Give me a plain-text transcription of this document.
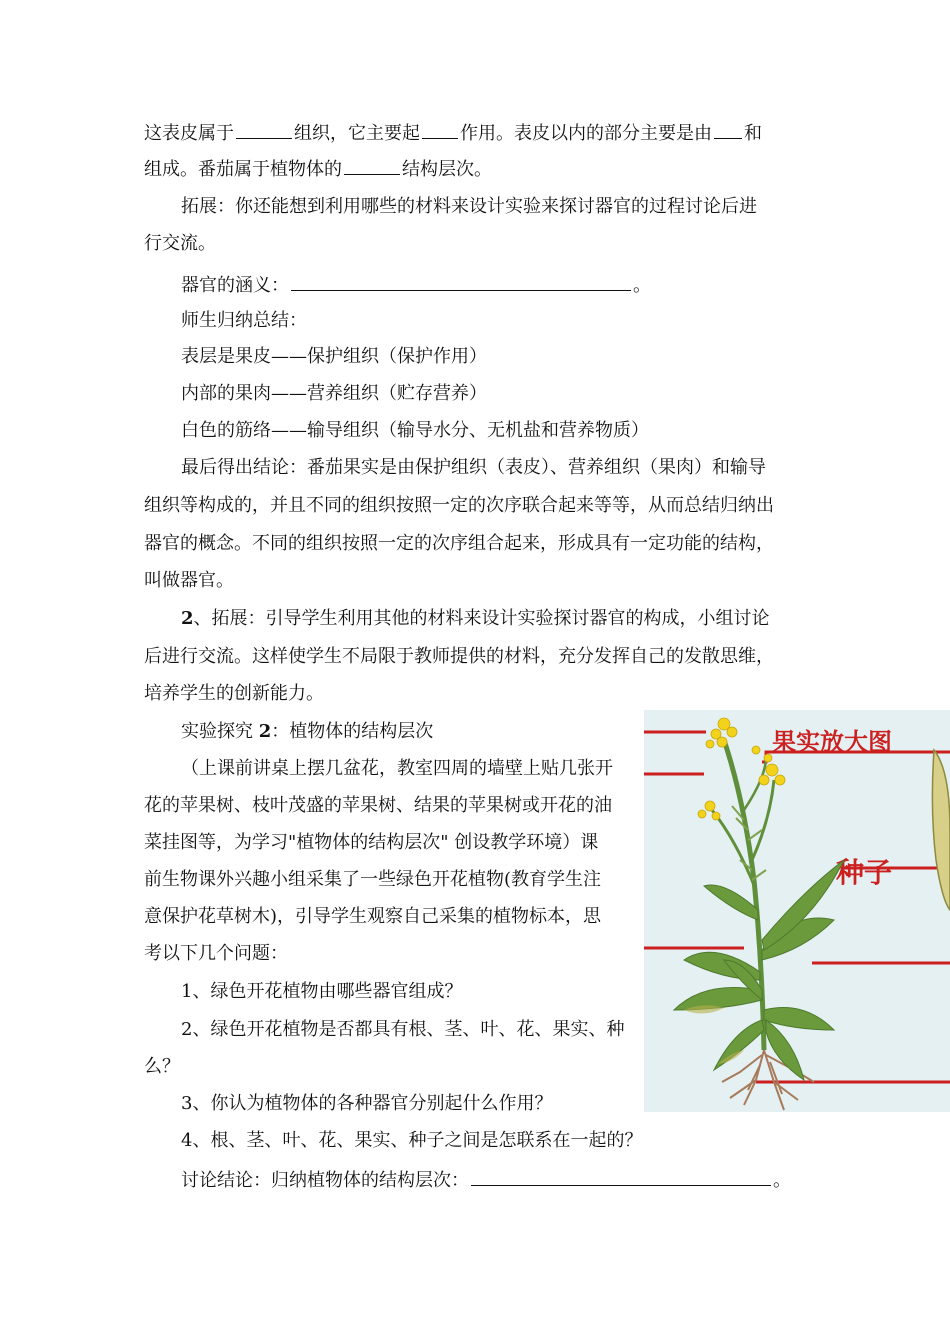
这表皮属于	组织，它主要起 作用。表皮以内的部分主要是由 和
组成。番茄属于植物体的	结构层次。
拓展：你还能想到利用哪些的材料来设计实验来探讨器官的过程讨论后进
行交流。
器官的涵义：	。
师生归纳总结：
表层是果皮——保护组织（保护作用）
内部的果肉——营养组织（贮存营养）
白色的筋络——输导组织（输导水分、无机盐和营养物质）
最后得出结论：番茄果实是由保护组织（表皮）、营养组织（果肉）和输导
组织等构成的，并且不同的组织按照一定的次序联合起来等等，从而总结归纳出
器官的概念。不同的组织按照一定的次序组合起来，形成具有一定功能的结构，
叫做器官。
2、拓展：引导学生利用其他的材料来设计实验探讨器官的构成，小组讨论
后进行交流。这样使学生不局限于教师提供的材料，充分发挥自己的发散思维，
培养学生的创新能力。
实验探究 2：植物体的结构层次
（上课前讲桌上摆几盆花，教室四周的墙壁上贴几张开
花的苹果树、枝叶茂盛的苹果树、结果的苹果树或开花的油
菜挂图等，为学习"植物体的结构层次" 创设教学环境）课
前生物课外兴趣小组采集了一些绿色开花植物(教育学生注
意保护花草树木)，引导学生观察自己采集的植物标本，思
考以下几个问题：
1、绿色开花植物由哪些器官组成？
2、绿色开花植物是否都具有根、茎、叶、花、果实、种
么？
3、你认为植物体的各种器官分别起什么作用？
4、根、茎、叶、花、果实、种子之间是怎联系在一起的？
讨论结论：归纳植物体的结构层次：	。
果实放大图
种子
